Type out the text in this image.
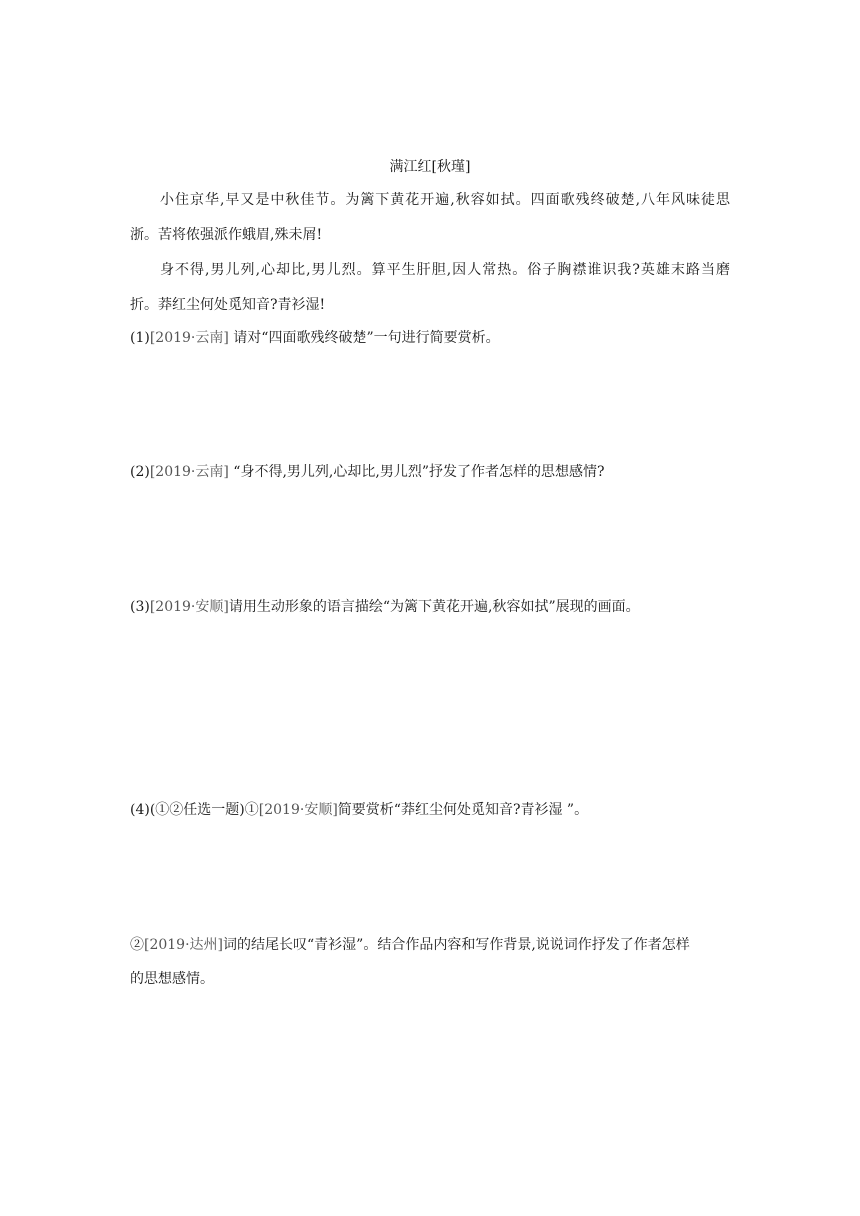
满江红[秋瑾]
小住京华,早又是中秋佳节。为篱下黄花开遍,秋容如拭。四面歌残终破楚,八年风味徒思
浙。苦将侬强派作蛾眉,殊未屑!
身不得,男儿列,心却比,男儿烈。算平生肝胆,因人常热。俗子胸襟谁识我?英雄末路当磨
折。莽红尘何处觅知音?青衫湿!
(1)[2019·云南] 请对“四面歌残终破楚”一句进行简要赏析。
(2)[2019·云南] “身不得,男儿列,心却比,男儿烈”抒发了作者怎样的思想感情?
(3)[2019·安顺]请用生动形象的语言描绘“为篱下黄花开遍,秋容如拭”展现的画面。
(4)(①②任选一题)①[2019·安顺]简要赏析“莽红尘何处觅知音?青衫湿 ”。
②[2019·达州]词的结尾长叹“青衫湿”。结合作品内容和写作背景,说说词作抒发了作者怎样
的思想感情。
